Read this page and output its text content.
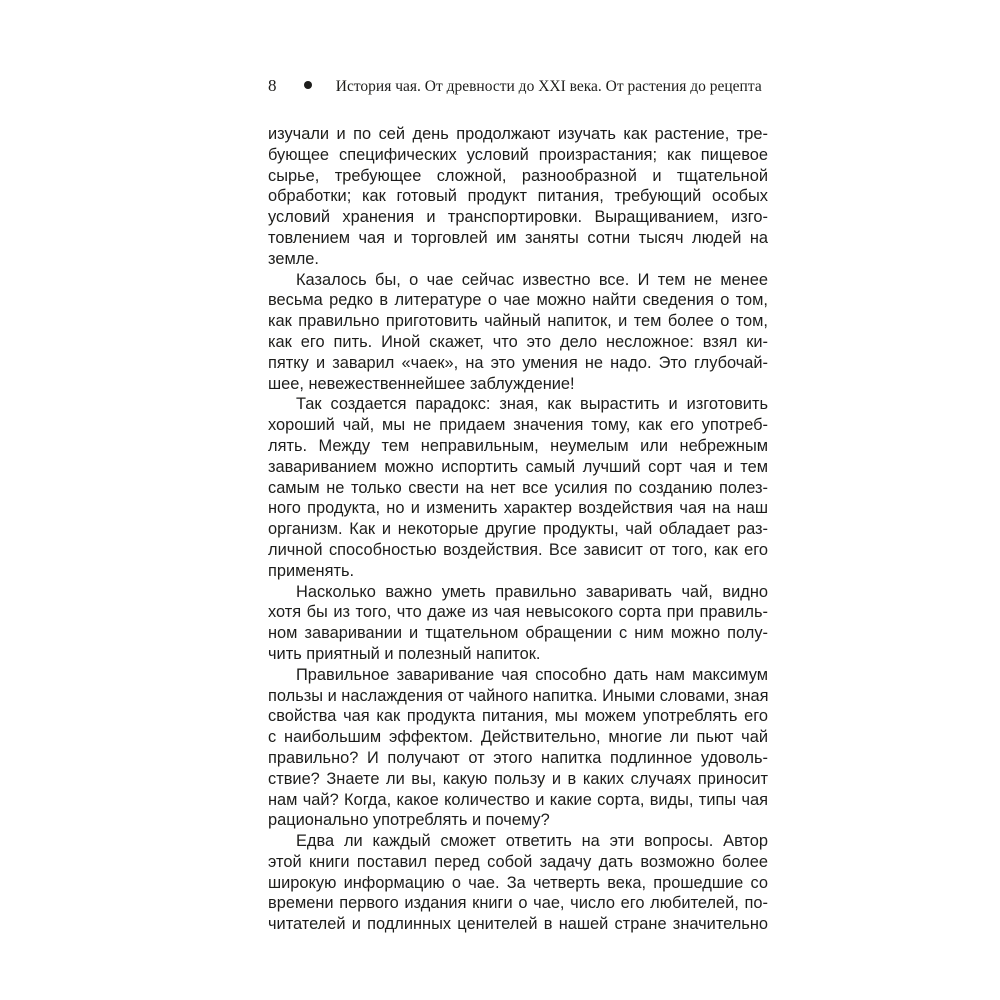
8	История чая. От древности до XXI века. От растения до рецепта
изучали и по сей день продолжают изучать как растение, тре-
бующее специфических условий произрастания; как пищевое
сырье, требующее сложной, разнообразной и тщательной
обработки; как готовый продукт питания, требующий особых
условий хранения и транспортировки. Выращиванием, изго-
товлением чая и торговлей им заняты сотни тысяч людей на
земле.
Казалось бы, о чае сейчас известно все. И тем не менее
весьма редко в литературе о чае можно найти сведения о том,
как правильно приготовить чайный напиток, и тем более о том,
как его пить. Иной скажет, что это дело несложное: взял ки-
пятку и заварил «чаек», на это умения не надо. Это глубочай-
шее, невежественнейшее заблуждение!
Так создается парадокс: зная, как вырастить и изготовить
хороший чай, мы не придаем значения тому, как его употреб-
лять. Между тем неправильным, неумелым или небрежным
завариванием можно испортить самый лучший сорт чая и тем
самым не только свести на нет все усилия по созданию полез-
ного продукта, но и изменить характер воздействия чая на наш
организм. Как и некоторые другие продукты, чай обладает раз-
личной способностью воздействия. Все зависит от того, как его
применять.
Насколько важно уметь правильно заваривать чай, видно
хотя бы из того, что даже из чая невысокого сорта при правиль-
ном заваривании и тщательном обращении с ним можно полу-
чить приятный и полезный напиток.
Правильное заваривание чая способно дать нам максимум
пользы и наслаждения от чайного напитка. Иными словами, зная
свойства чая как продукта питания, мы можем употреблять его
с наибольшим эффектом. Действительно, многие ли пьют чай
правильно? И получают от этого напитка подлинное удоволь-
ствие? Знаете ли вы, какую пользу и в каких случаях приносит
нам чай? Когда, какое количество и какие сорта, виды, типы чая
рационально употреблять и почему?
Едва ли каждый сможет ответить на эти вопросы. Автор
этой книги поставил перед собой задачу дать возможно более
широкую информацию о чае. За четверть века, прошедшие со
времени первого издания книги о чае, число его любителей, по-
читателей и подлинных ценителей в нашей стране значительно
